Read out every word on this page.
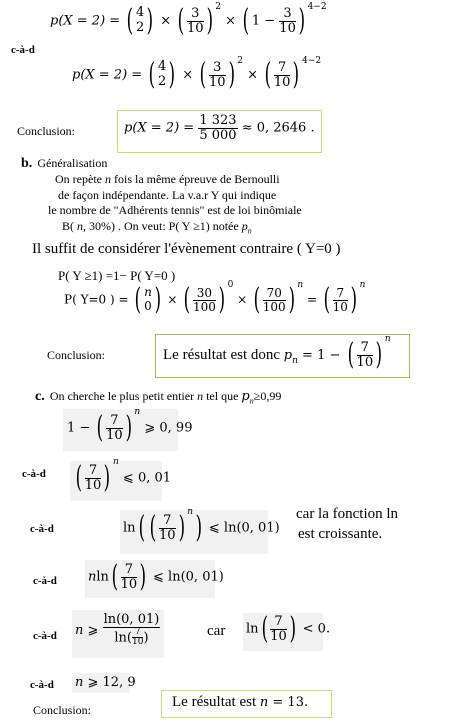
p(X = 2) = ( 4
2 ) × ( $\frac{3}{10}$ ) $^2$ × ( $1 - \frac{3}{10}$ ) $^{4-2}$
c-à-d
p(X = 2) = ( 4
2 ) × ( $\frac{3}{10}$ ) $^2$ × ( $\frac{7}{10}$ ) $^{4-2}$
Conclusion:	$p(X = 2) = \frac{1 323}{5 000} \approx 0$, 2646 .
b. Généralisation
On repète n fois la même épreuve de Bernoulli
de façon indépendante. La v.a.r Y qui indique
le nombre de "Adhérents tennis" est de loi binômiale
B( n, 30%) . On veut: P( Y ≥1) notée $p_n$
Il suffit de considérer l'évènement contraire ( Y=0 )
P( Y ≥1) =1− P( Y=0 )
P( Y=0 ) = ( n
0 ) × ( $\frac{30}{100}$ ) $^0$ × ( $\frac{70}{100}$ ) $^n$ = ( $\frac{7}{10}$ ) $^n$
Conclusion:	Le résultat est donc $p_n = 1$ − ( $\frac{7}{10}$ ) $^n$
c. On cherche le plus petit entier n tel que $p_n\ge 0,99$
1 − ( $\frac{7}{10}$ ) $^n$ ⩾ 0, 99
c-à-d ( $\frac{7}{10}$ ) $^n$ ⩽ 0, 01
c-à-d	ln( ( $\frac{7}{10}$ ) $^n$) ⩽ ln(0, 01)
car la fonction ln
est croissante.
c-à-d $nln( \frac{7}{10}$ ) ⩽ ln(0, 01)
c-à-d n ⩾ $\frac{\ln(0, 01)}{\ln( \frac{7}{10} )}$	car $\ln( \frac{7}{10}$ ) < 0.
c-à-d n ⩾ 12, 9
Conclusion:	Le résultat est n = 13.
